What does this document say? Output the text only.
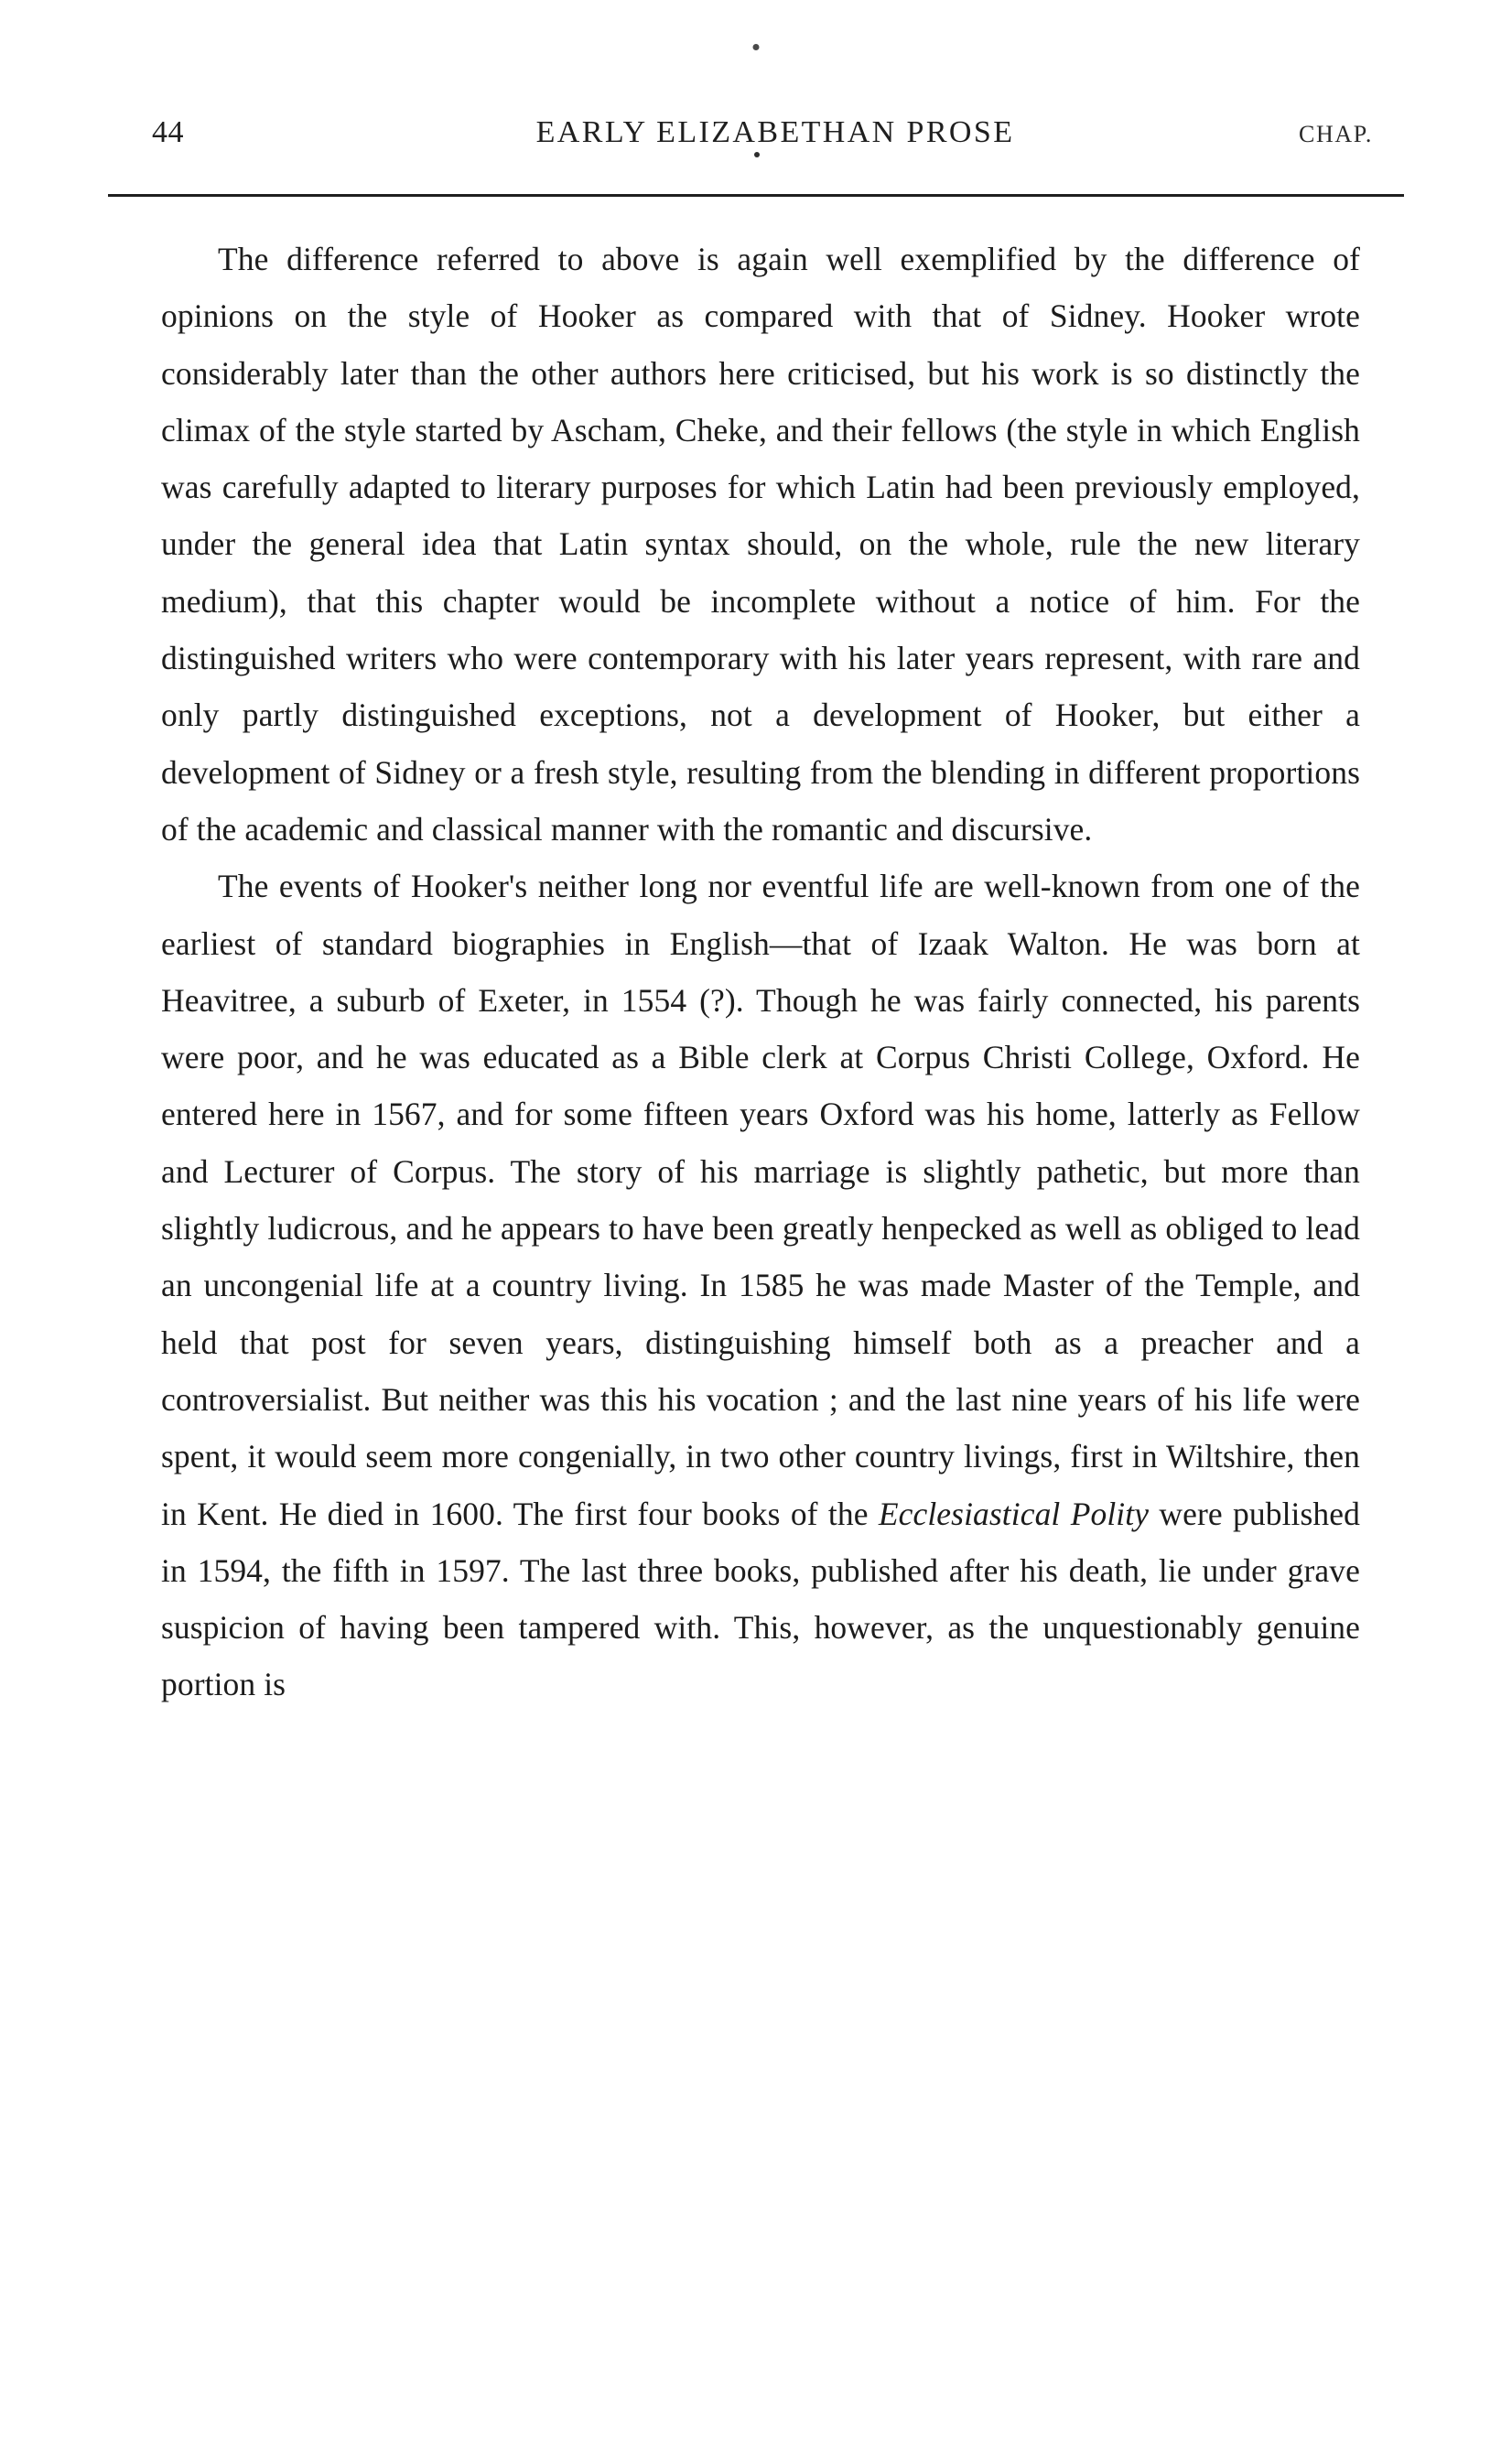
44	EARLY ELIZABETHAN PROSE	CHAP.

The difference referred to above is again well exemplified by the difference of opinions on the style of Hooker as compared with that of Sidney. Hooker wrote considerably later than the other authors here criticised, but his work is so distinctly the climax of the style started by Ascham, Cheke, and their fellows (the style in which English was carefully adapted to literary purposes for which Latin had been previously employed, under the general idea that Latin syntax should, on the whole, rule the new literary medium), that this chapter would be incomplete without a notice of him. For the distinguished writers who were contemporary with his later years represent, with rare and only partly distinguished exceptions, not a development of Hooker, but either a development of Sidney or a fresh style, resulting from the blending in different proportions of the academic and classical manner with the romantic and discursive.

The events of Hooker's neither long nor eventful life are well-known from one of the earliest of standard biographies in English—that of Izaak Walton. He was born at Heavitree, a suburb of Exeter, in 1554 (?). Though he was fairly connected, his parents were poor, and he was educated as a Bible clerk at Corpus Christi College, Oxford. He entered here in 1567, and for some fifteen years Oxford was his home, latterly as Fellow and Lecturer of Corpus. The story of his marriage is slightly pathetic, but more than slightly ludicrous, and he appears to have been greatly henpecked as well as obliged to lead an uncongenial life at a country living. In 1585 he was made Master of the Temple, and held that post for seven years, distinguishing himself both as a preacher and a controversialist. But neither was this his vocation ; and the last nine years of his life were spent, it would seem more congenially, in two other country livings, first in Wiltshire, then in Kent. He died in 1600. The first four books of the Ecclesiastical Polity were published in 1594, the fifth in 1597. The last three books, published after his death, lie under grave suspicion of having been tampered with. This, however, as the unquestionably genuine portion is
